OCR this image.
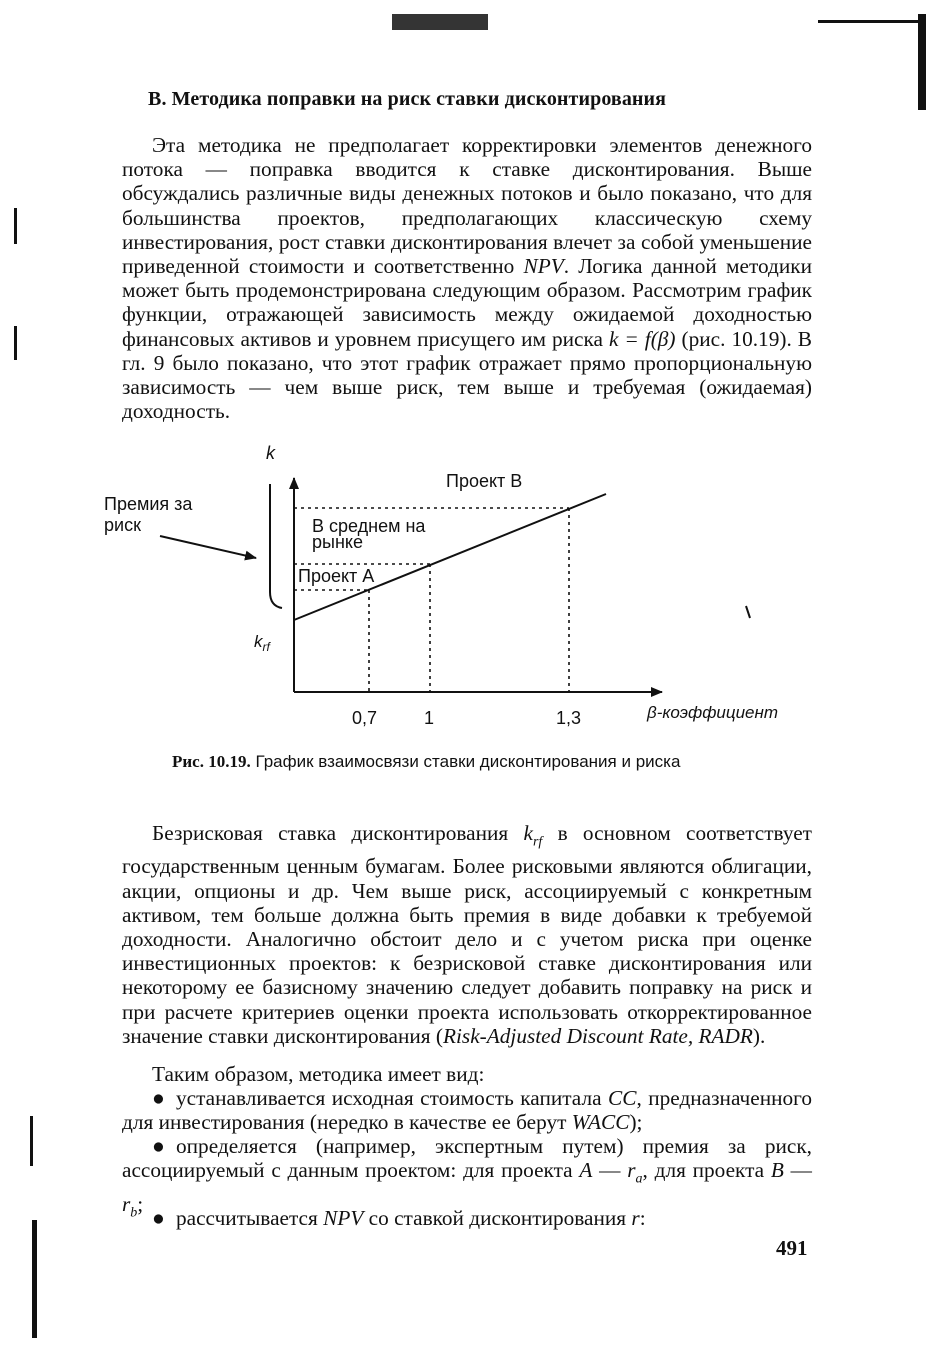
В. Методика поправки на риск ставки дисконтирования

Эта методика не предполагает корректировки элементов денежного потока — поправка вводится к ставке дисконтирования. Выше обсуждались различные виды денежных потоков и было показано, что для большинства проектов, предполагающих классическую схему инвестирования, рост ставки дисконтирования влечет за собой уменьшение приведенной стоимости и соответственно NPV. Логика данной методики может быть продемонстрирована следующим образом. Рассмотрим график функции, отражающей зависимость между ожидаемой доходностью финансовых активов и уровнем присущего им риска k = f(β) (рис. 10.19). В гл. 9 было показано, что этот график отражает прямо пропорциональную зависимость — чем выше риск, тем выше и требуемая (ожидаемая) доходность.

k
β-коэффициент
$k_{rf}$
Премия за
риск
Проект В
В среднем на
рынке
Проект А
0,7	1	1,3

Рис. 10.19. График взаимосвязи ставки дисконтирования и риска

Безрисковая ставка дисконтирования $k_{rf}$ в основном соответствует государственным ценным бумагам. Более рисковыми являются облигации, акции, опционы и др. Чем выше риск, ассоциируемый с конкретным активом, тем больше должна быть премия в виде добавки к требуемой доходности. Аналогично обстоит дело и с учетом риска при оценке инвестиционных проектов: к безрисковой ставке дисконтирования или некоторому ее базисному значению следует добавить поправку на риск и при расчете критериев оценки проекта использовать откорректированное значение ставки дисконтирования (Risk-Adjusted Discount Rate, RADR).

Таким образом, методика имеет вид:

● устанавливается исходная стоимость капитала CC, предназначенного для инвестирования (нередко в качестве ее берут WACC);

● определяется (например, экспертным путем) премия за риск, ассоциируемый с данным проектом: для проекта A — $r_a$, для проекта B — $r_b$;

● рассчитывается NPV со ставкой дисконтирования r:

491
